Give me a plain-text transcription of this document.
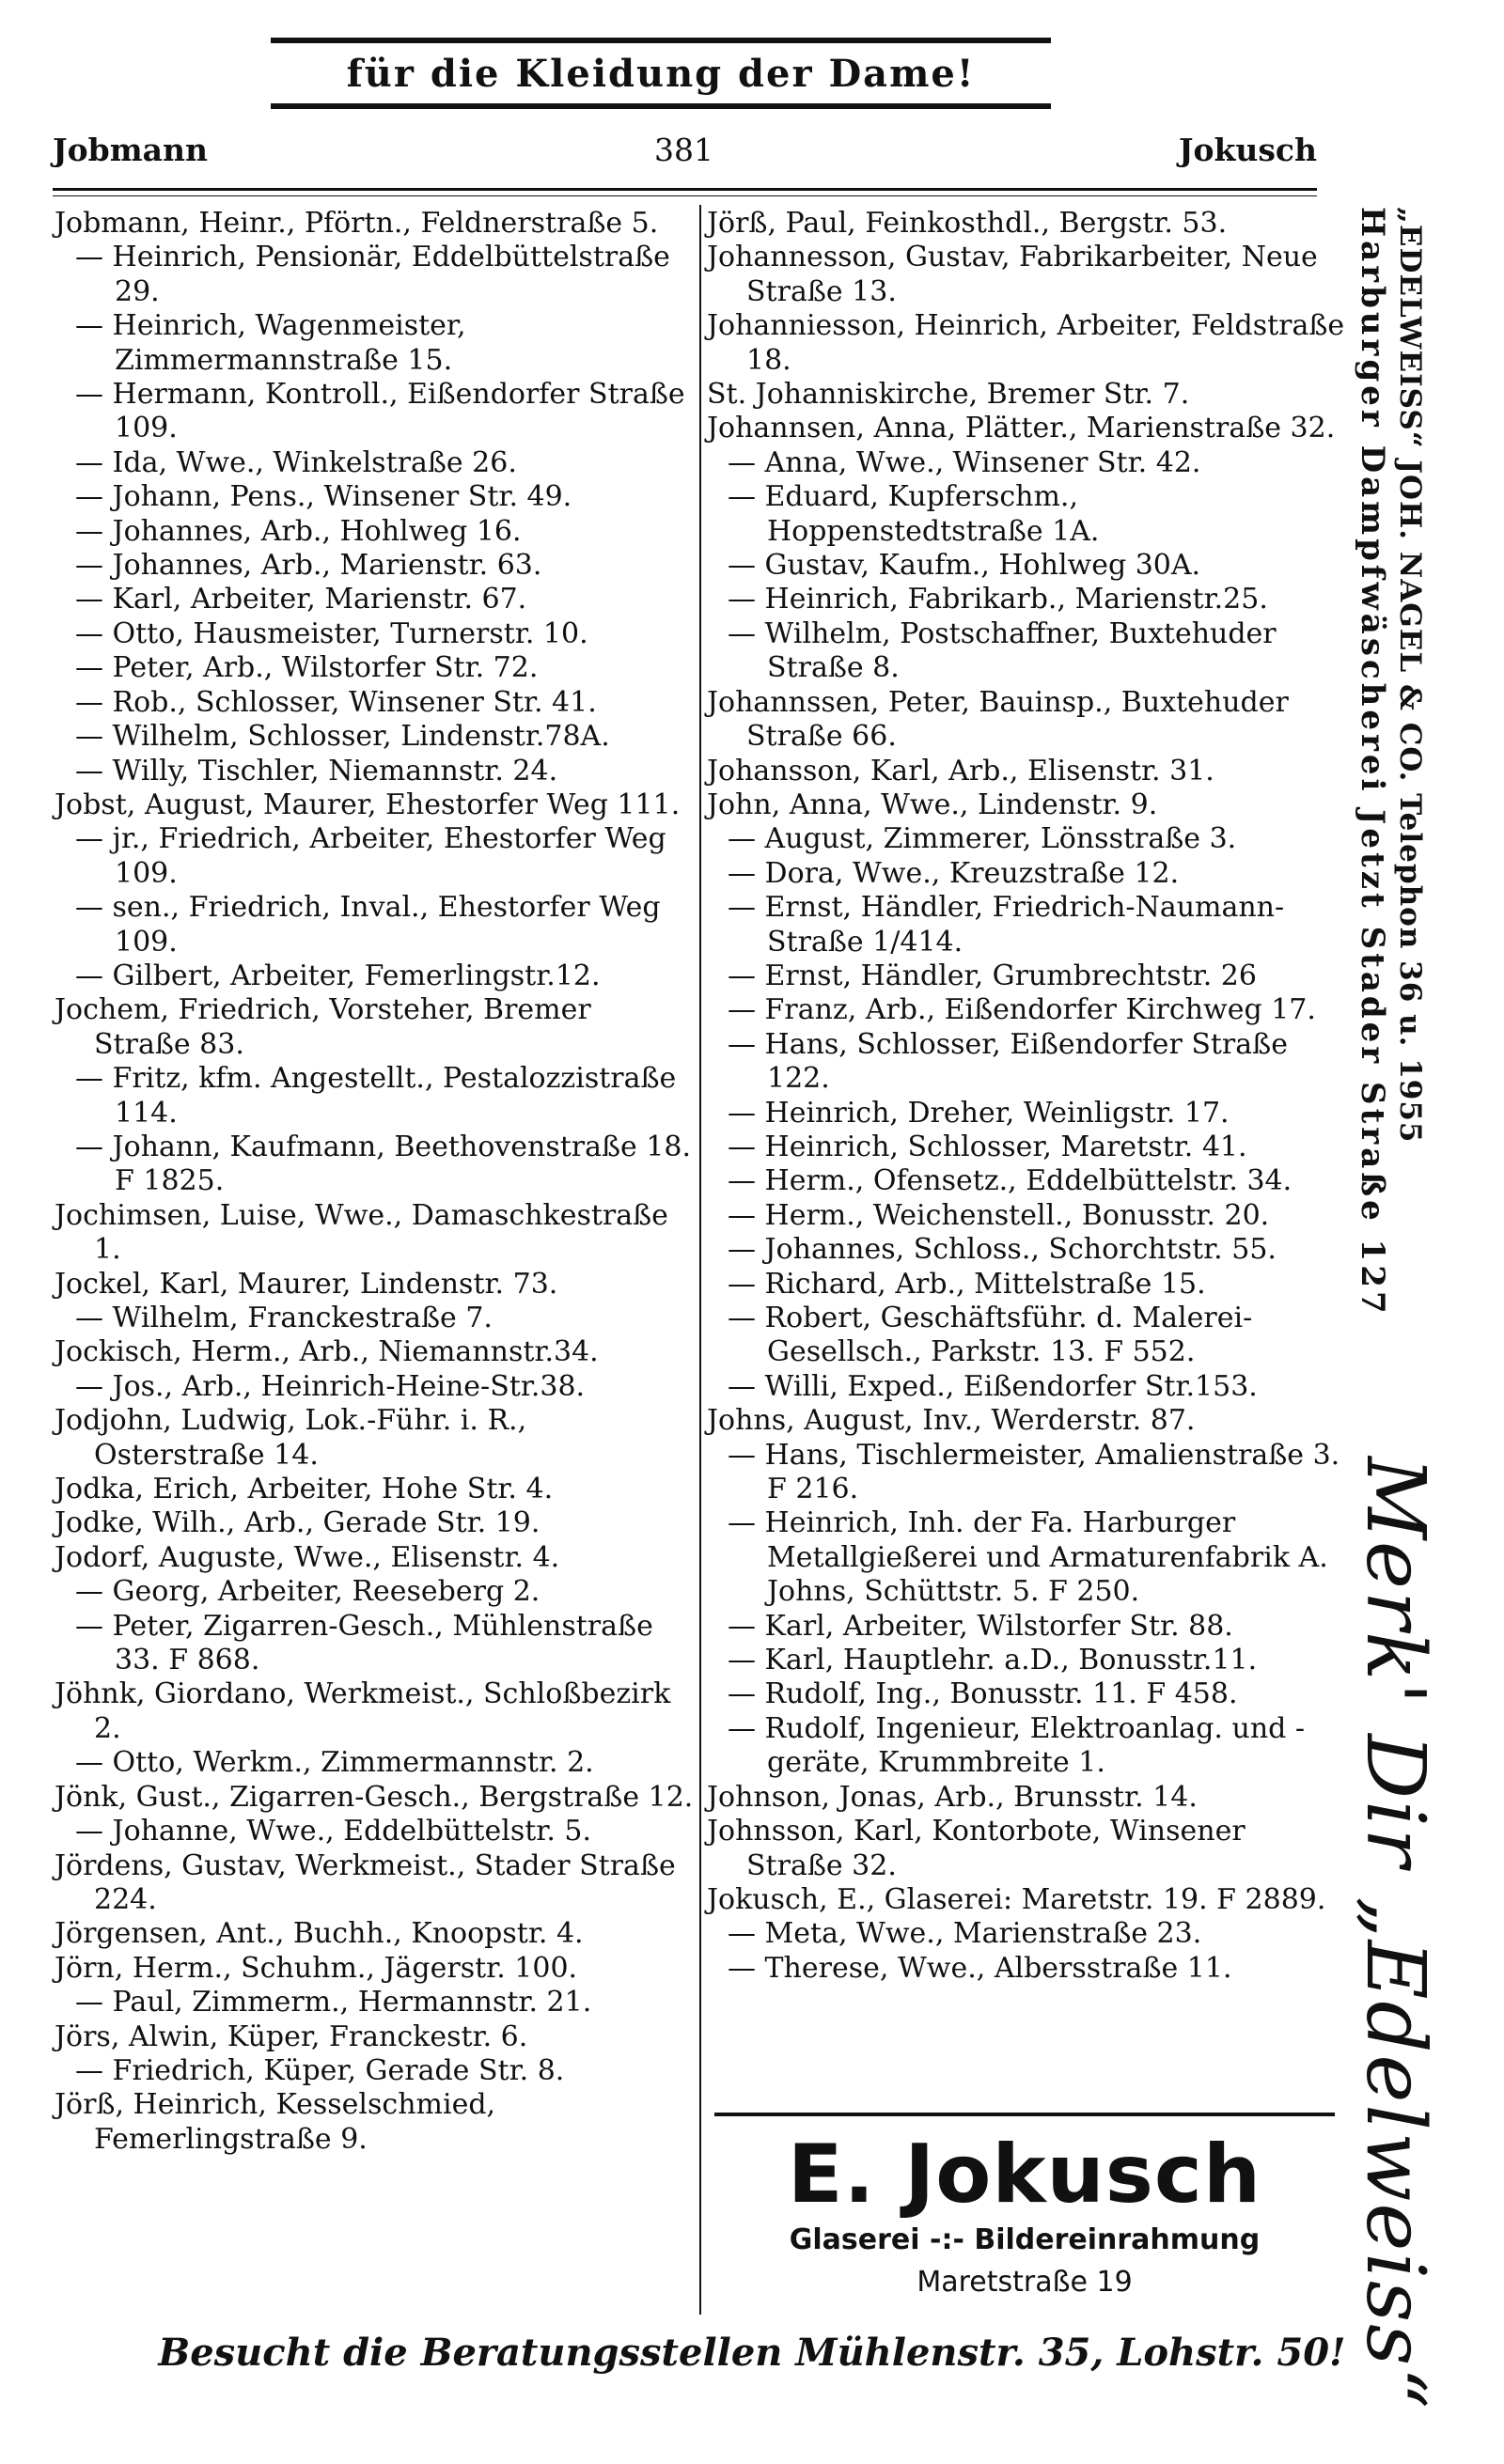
für die Kleidung der Dame!
Jobmann	381	Jokusch
Jobmann, Heinr., Pförtn., Feldnerstraße 5.
— Heinrich, Pensionär, Eddelbüttelstraße 29.
— Heinrich, Wagenmeister, Zimmermannstraße 15.
— Hermann, Kontroll., Eißendorfer Straße 109.
— Ida, Wwe., Winkelstraße 26.
— Johann, Pens., Winsener Str. 49.
— Johannes, Arb., Hohlweg 16.
— Johannes, Arb., Marienstr. 63.
— Karl, Arbeiter, Marienstr. 67.
— Otto, Hausmeister, Turnerstr. 10.
— Peter, Arb., Wilstorfer Str. 72.
— Rob., Schlosser, Winsener Str. 41.
— Wilhelm, Schlosser, Lindenstr.78A.
— Willy, Tischler, Niemannstr. 24.
Jobst, August, Maurer, Ehestorfer Weg 111.
— jr., Friedrich, Arbeiter, Ehestorfer Weg 109.
— sen., Friedrich, Inval., Ehestorfer Weg 109.
— Gilbert, Arbeiter, Femerlingstr.12.
Jochem, Friedrich, Vorsteher, Bremer Straße 83.
— Fritz, kfm. Angestellt., Pestalozzistraße 114.
— Johann, Kaufmann, Beethovenstraße 18. F 1825.
Jochimsen, Luise, Wwe., Damaschkestraße 1.
Jockel, Karl, Maurer, Lindenstr. 73.
— Wilhelm, Franckestraße 7.
Jockisch, Herm., Arb., Niemannstr.34.
— Jos., Arb., Heinrich-Heine-Str.38.
Jodjohn, Ludwig, Lok.-Führ. i. R., Osterstraße 14.
Jodka, Erich, Arbeiter, Hohe Str. 4.
Jodke, Wilh., Arb., Gerade Str. 19.
Jodorf, Auguste, Wwe., Elisenstr. 4.
— Georg, Arbeiter, Reeseberg 2.
— Peter, Zigarren-Gesch., Mühlenstraße 33. F 868.
Jöhnk, Giordano, Werkmeist., Schloßbezirk 2.
— Otto, Werkm., Zimmermannstr. 2.
Jönk, Gust., Zigarren-Gesch., Bergstraße 12.
— Johanne, Wwe., Eddelbüttelstr. 5.
Jördens, Gustav, Werkmeist., Stader Straße 224.
Jörgensen, Ant., Buchh., Knoopstr. 4.
Jörn, Herm., Schuhm., Jägerstr. 100.
— Paul, Zimmerm., Hermannstr. 21.
Jörs, Alwin, Küper, Franckestr. 6.
— Friedrich, Küper, Gerade Str. 8.
Jörß, Heinrich, Kesselschmied, Femerlingstraße 9.
Jörß, Paul, Feinkosthdl., Bergstr. 53.
Johannesson, Gustav, Fabrikarbeiter, Neue Straße 13.
Johanniesson, Heinrich, Arbeiter, Feldstraße 18.
St. Johanniskirche, Bremer Str. 7.
Johannsen, Anna, Plätter., Marienstraße 32.
— Anna, Wwe., Winsener Str. 42.
— Eduard, Kupferschm., Hoppenstedtstraße 1A.
— Gustav, Kaufm., Hohlweg 30A.
— Heinrich, Fabrikarb., Marienstr.25.
— Wilhelm, Postschaffner, Buxtehuder Straße 8.
Johannssen, Peter, Bauinsp., Buxtehuder Straße 66.
Johansson, Karl, Arb., Elisenstr. 31.
John, Anna, Wwe., Lindenstr. 9.
— August, Zimmerer, Lönsstraße 3.
— Dora, Wwe., Kreuzstraße 12.
— Ernst, Händler, Friedrich-Naumann-Straße 1/414.
— Ernst, Händler, Grumbrechtstr. 26
— Franz, Arb., Eißendorfer Kirchweg 17.
— Hans, Schlosser, Eißendorfer Straße 122.
— Heinrich, Dreher, Weinligstr. 17.
— Heinrich, Schlosser, Maretstr. 41.
— Herm., Ofensetz., Eddelbüttelstr. 34.
— Herm., Weichenstell., Bonusstr. 20.
— Johannes, Schloss., Schorchtstr. 55.
— Richard, Arb., Mittelstraße 15.
— Robert, Geschäftsführ. d. Malerei-Gesellsch., Parkstr. 13. F 552.
— Willi, Exped., Eißendorfer Str.153.
Johns, August, Inv., Werderstr. 87.
— Hans, Tischlermeister, Amalienstraße 3. F 216.
— Heinrich, Inh. der Fa. Harburger Metallgießerei und Armaturenfabrik A. Johns, Schüttstr. 5. F 250.
— Karl, Arbeiter, Wilstorfer Str. 88.
— Karl, Hauptlehr. a.D., Bonusstr.11.
— Rudolf, Ing., Bonusstr. 11. F 458.
— Rudolf, Ingenieur, Elektroanlag. und -geräte, Krummbreite 1.
Johnson, Jonas, Arb., Brunsstr. 14.
Johnsson, Karl, Kontorbote, Winsener Straße 32.
Jokusch, E., Glaserei: Maretstr. 19. F 2889.
— Meta, Wwe., Marienstraße 23.
— Therese, Wwe., Albersstraße 11.
Harburger Dampfwäscherei Jetzt Stader Straße 127 „EDELWEISS“ JOH. NAGEL & CO. Telephon 36 u. 1955
Merk' Dir „Edelweiss“
E. Jokusch
Glaserei -:- Bildereinrahmung
Maretstraße 19
Besucht die Beratungsstellen Mühlenstr. 35, Lohstr. 50!
